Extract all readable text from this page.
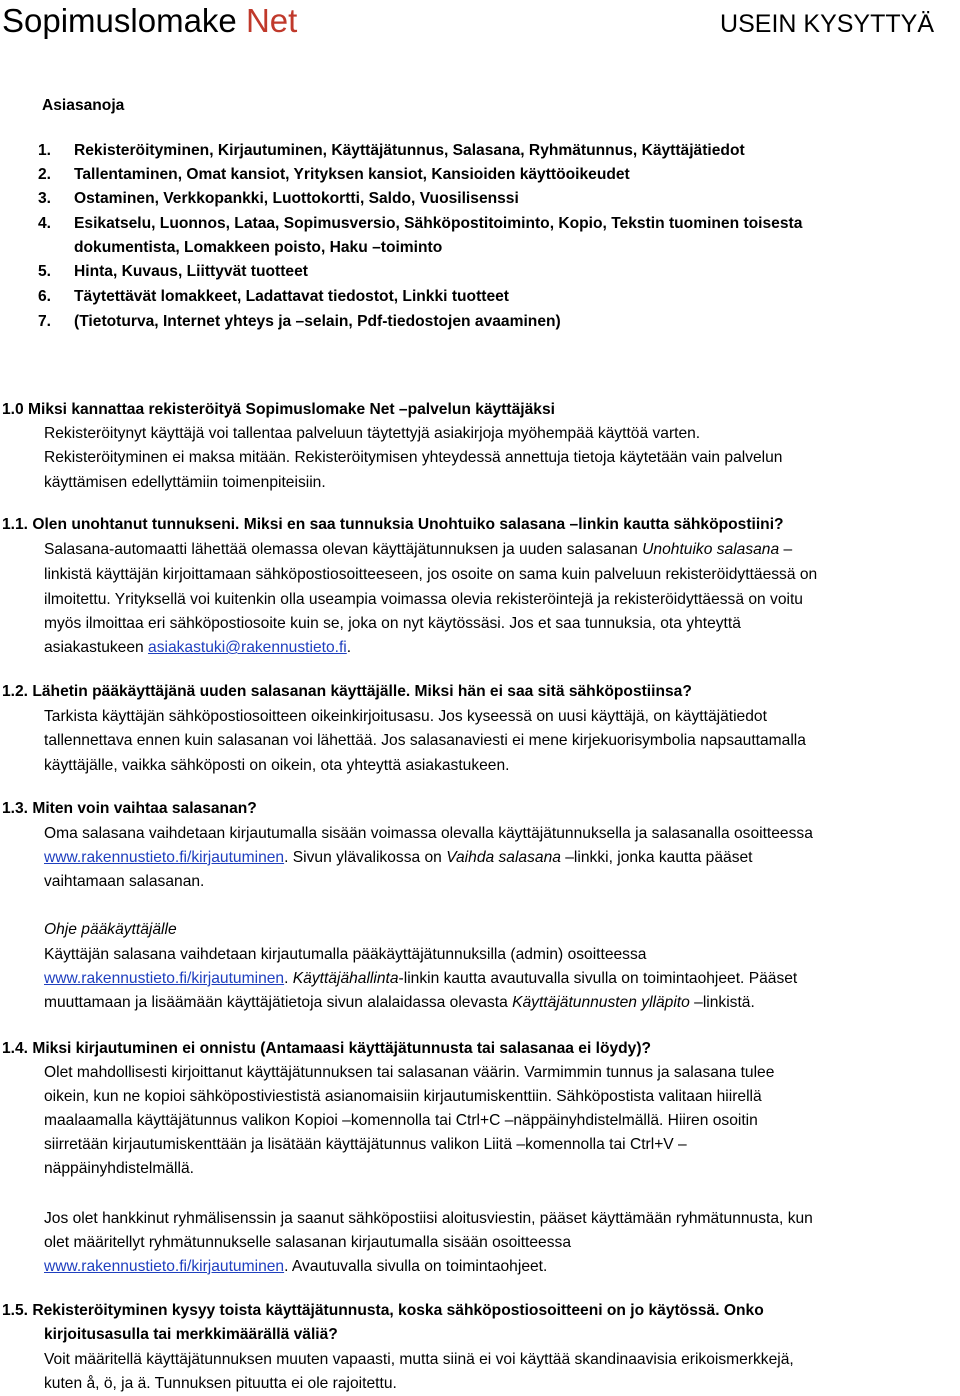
Sopimuslomake Net	USEIN KYSYTTYÄ
Asiasanoja
1. Rekisteröityminen, Kirjautuminen, Käyttäjätunnus, Salasana, Ryhmätunnus, Käyttäjätiedot
2. Tallentaminen, Omat kansiot, Yrityksen kansiot, Kansioiden käyttöoikeudet
3. Ostaminen, Verkkopankki, Luottokortti, Saldo, Vuosilisenssi
4. Esikatselu, Luonnos, Lataa, Sopimusversio, Sähköpostitoiminto, Kopio, Tekstin tuominen toisesta
dokumentista, Lomakkeen poisto, Haku –toiminto
5. Hinta, Kuvaus, Liittyvät tuotteet
6. Täytettävät lomakkeet, Ladattavat tiedostot, Linkki tuotteet
7. (Tietoturva, Internet yhteys ja –selain, Pdf-tiedostojen avaaminen)
1.0 Miksi kannattaa rekisteröityä Sopimuslomake Net –palvelun käyttäjäksi
Rekisteröitynyt käyttäjä voi tallentaa palveluun täytettyjä asiakirjoja myöhempää käyttöä varten.
Rekisteröityminen ei maksa mitään. Rekisteröitymisen yhteydessä annettuja tietoja käytetään vain palvelun
käyttämisen edellyttämiin toimenpiteisiin.
1.1. Olen unohtanut tunnukseni. Miksi en saa tunnuksia Unohtuiko salasana –linkin kautta sähköpostiini?
Salasana-automaatti lähettää olemassa olevan käyttäjätunnuksen ja uuden salasanan Unohtuiko salasana –
linkistä käyttäjän kirjoittamaan sähköpostiosoitteeseen, jos osoite on sama kuin palveluun rekisteröidyttäessä on
ilmoitettu. Yrityksellä voi kuitenkin olla useampia voimassa olevia rekisteröintejä ja rekisteröidyttäessä on voitu
myös ilmoittaa eri sähköpostiosoite kuin se, joka on nyt käytössäsi. Jos et saa tunnuksia, ota yhteyttä
asiakastukeen asiakastuki@rakennustieto.fi.
1.2. Lähetin pääkäyttäjänä uuden salasanan käyttäjälle. Miksi hän ei saa sitä sähköpostiinsa?
Tarkista käyttäjän sähköpostiosoitteen oikeinkirjoitusasu. Jos kyseessä on uusi käyttäjä, on käyttäjätiedot
tallennettava ennen kuin salasanan voi lähettää. Jos salasanaviesti ei mene kirjekuorisymbolia napsauttamalla
käyttäjälle, vaikka sähköposti on oikein, ota yhteyttä asiakastukeen.
1.3. Miten voin vaihtaa salasanan?
Oma salasana vaihdetaan kirjautumalla sisään voimassa olevalla käyttäjätunnuksella ja salasanalla osoitteessa
www.rakennustieto.fi/kirjautuminen. Sivun ylävalikossa on Vaihda salasana –linkki, jonka kautta pääset
vaihtamaan salasanan.
Ohje pääkäyttäjälle
Käyttäjän salasana vaihdetaan kirjautumalla pääkäyttäjätunnuksilla (admin) osoitteessa
www.rakennustieto.fi/kirjautuminen. Käyttäjähallinta-linkin kautta avautuvalla sivulla on toimintaohjeet. Pääset
muuttamaan ja lisäämään käyttäjätietoja sivun alalaidassa olevasta Käyttäjätunnusten ylläpito –linkistä.
1.4. Miksi kirjautuminen ei onnistu (Antamaasi käyttäjätunnusta tai salasanaa ei löydy)?
Olet mahdollisesti kirjoittanut käyttäjätunnuksen tai salasanan väärin. Varmimmin tunnus ja salasana tulee
oikein, kun ne kopioi sähköpostiviestistä asianomaisiin kirjautumiskenttiin. Sähköpostista valitaan hiirellä
maalaamalla käyttäjätunnus valikon Kopioi –komennolla tai Ctrl+C –näppäinyhdistelmällä. Hiiren osoitin
siirretään kirjautumiskenttään ja lisätään käyttäjätunnus valikon Liitä –komennolla tai Ctrl+V –
näppäinyhdistelmällä.
Jos olet hankkinut ryhmälisenssin ja saanut sähköpostiisi aloitusviestin, pääset käyttämään ryhmätunnusta, kun
olet määritellyt ryhmätunnukselle salasanan kirjautumalla sisään osoitteessa
www.rakennustieto.fi/kirjautuminen. Avautuvalla sivulla on toimintaohjeet.
1.5. Rekisteröityminen kysyy toista käyttäjätunnusta, koska sähköpostiosoitteeni on jo käytössä. Onko
kirjoitusasulla tai merkkimäärällä väliä?
Voit määritellä käyttäjätunnuksen muuten vapaasti, mutta siinä ei voi käyttää skandinaavisia erikoismerkkejä,
kuten å, ö, ja ä. Tunnuksen pituutta ei ole rajoitettu.
